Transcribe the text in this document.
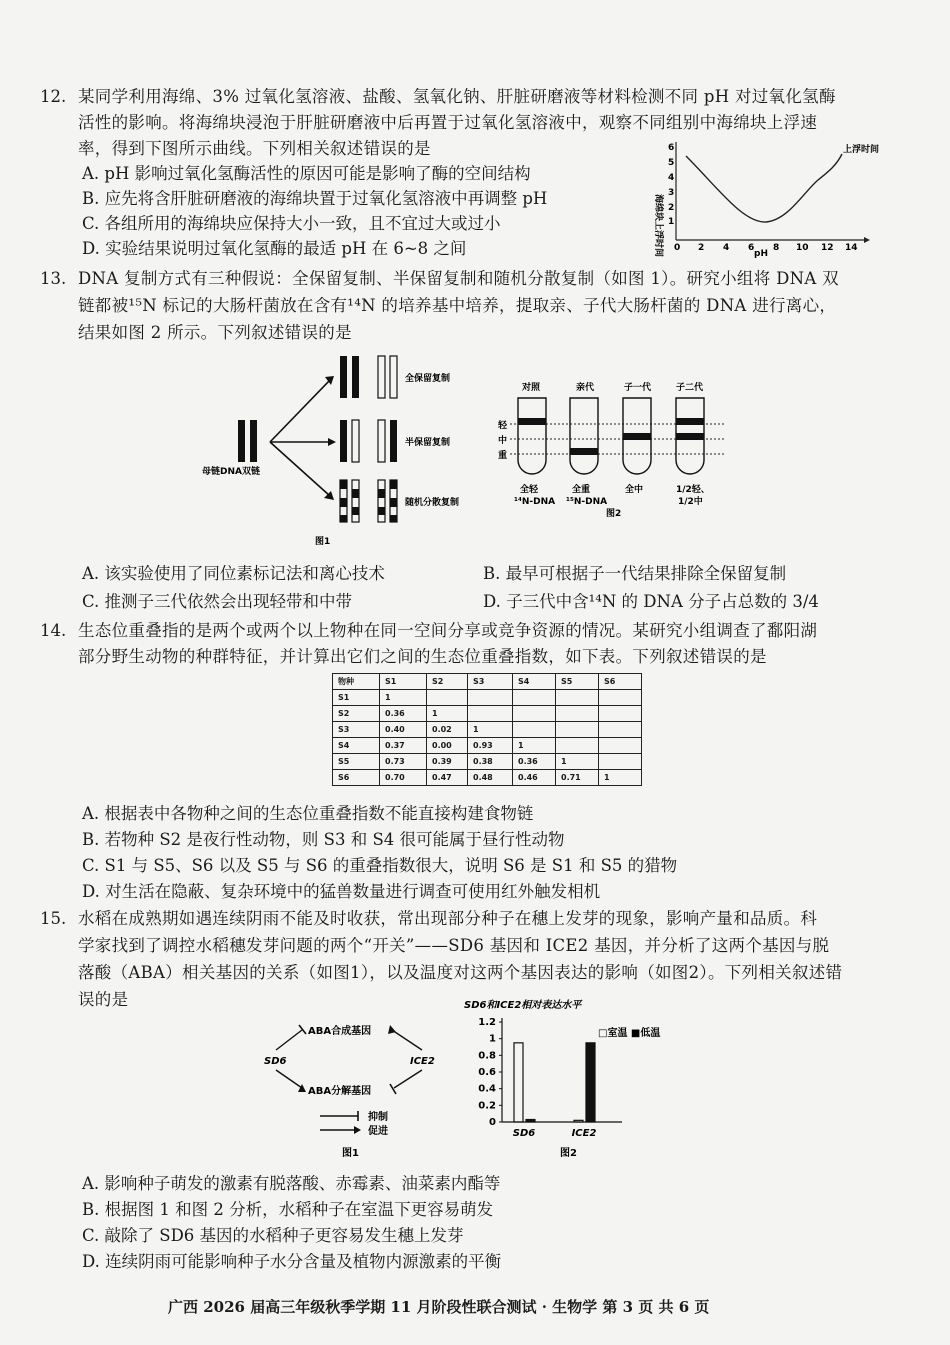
12. 某同学利用海绵、3% 过氧化氢溶液、盐酸、氢氧化钠、肝脏研磨液等材料检测不同 pH 对过氧化氢酶
活性的影响。将海绵块浸泡于肝脏研磨液中后再置于过氧化氢溶液中，观察不同组别中海绵块上浮速
率，得到下图所示曲线。下列相关叙述错误的是
A. pH 影响过氧化氢酶活性的原因可能是影响了酶的空间结构
B. 应先将含肝脏研磨液的海绵块置于过氧化氢溶液中再调整 pH
C. 各组所用的海绵块应保持大小一致，且不宜过大或过小
D. 实验结果说明过氧化氢酶的最适 pH 在 6~8 之间
上浮时间
海绵块上浮时间 1
2
3
4
5
6
0 2 4 6 8 10 12 14
pH
13. DNA 复制方式有三种假说：全保留复制、半保留复制和随机分散复制（如图 1）。研究小组将 DNA 双
链都被¹⁵N 标记的大肠杆菌放在含有¹⁴N 的培养基中培养，提取亲、子代大肠杆菌的 DNA 进行离心，
结果如图 2 所示。下列叙述错误的是
母链DNA双链
全保留复制
半保留复制
随机分散复制
图1
对照	亲代	子一代	子二代
轻
中
重
全轻	全重	全中	1/2轻、
¹⁴N-DNA ¹⁵N-DNA	1/2中
图2
A. 该实验使用了同位素标记法和离心技术	B. 最早可根据子一代结果排除全保留复制
C. 推测子三代依然会出现轻带和中带	D. 子三代中含¹⁴N 的 DNA 分子占总数的 3/4
14. 生态位重叠指的是两个或两个以上物种在同一空间分享或竞争资源的情况。某研究小组调查了鄱阳湖
部分野生动物的种群特征，并计算出它们之间的生态位重叠指数，如下表。下列叙述错误的是
物种	S1	S2	S3	S4	S5	S6
S1	1					
S2	0.36	1				
S3	0.40	0.02	1			
S4	0.37	0.00	0.93	1		
S5	0.73	0.39	0.38	0.36	1	
S6	0.70	0.47	0.48	0.46	0.71	1
A. 根据表中各物种之间的生态位重叠指数不能直接构建食物链
B. 若物种 S2 是夜行性动物，则 S3 和 S4 很可能属于昼行性动物
C. S1 与 S5、S6 以及 S5 与 S6 的重叠指数很大，说明 S6 是 S1 和 S5 的猎物
D. 对生活在隐蔽、复杂环境中的猛兽数量进行调查可使用红外触发相机
15. 水稻在成熟期如遇连续阴雨不能及时收获，常出现部分种子在穗上发芽的现象，影响产量和品质。科
学家找到了调控水稻穗发芽问题的两个“开关”——SD6 基因和 ICE2 基因，并分析了这两个基因与脱
落酸（ABA）相关基因的关系（如图1），以及温度对这两个基因表达的影响（如图2）。下列相关叙述错
误的是
ABA合成基因
ABA分解基因
SD6	ICE2
抑制
促进
图1
SD6和ICE2相对表达水平
0
0.2
0.4
0.6
0.8
1
1.2
SD6	ICE2
□室温 ■低温
图2
A. 影响种子萌发的激素有脱落酸、赤霉素、油菜素内酯等
B. 根据图 1 和图 2 分析，水稻种子在室温下更容易萌发
C. 敲除了 SD6 基因的水稻种子更容易发生穗上发芽
D. 连续阴雨可能影响种子水分含量及植物内源激素的平衡
广西 2026 届高三年级秋季学期 11 月阶段性联合测试 · 生物学 第 3 页 共 6 页
